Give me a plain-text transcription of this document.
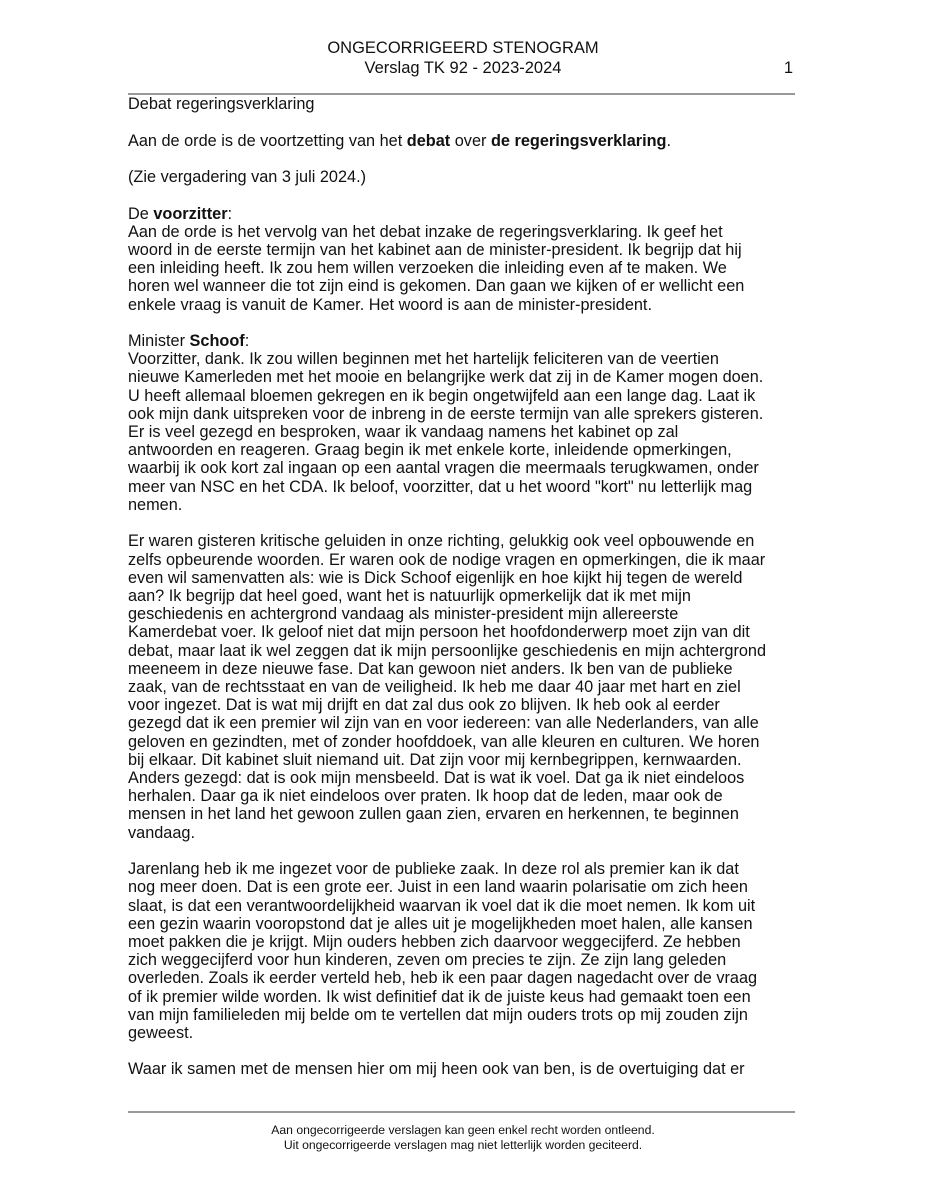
ONGECORRIGEERD STENOGRAM
Verslag TK 92 - 2023-2024	1

Debat regeringsverklaring

Aan de orde is de voortzetting van het debat over de regeringsverklaring.

(Zie vergadering van 3 juli 2024.)

De voorzitter:

Aan de orde is het vervolg van het debat inzake de regeringsverklaring. Ik geef het
woord in de eerste termijn van het kabinet aan de minister-president. Ik begrijp dat hij
een inleiding heeft. Ik zou hem willen verzoeken die inleiding even af te maken. We
horen wel wanneer die tot zijn eind is gekomen. Dan gaan we kijken of er wellicht een
enkele vraag is vanuit de Kamer. Het woord is aan de minister-president.

Minister Schoof:

Voorzitter, dank. Ik zou willen beginnen met het hartelijk feliciteren van de veertien
nieuwe Kamerleden met het mooie en belangrijke werk dat zij in de Kamer mogen doen.
U heeft allemaal bloemen gekregen en ik begin ongetwijfeld aan een lange dag. Laat ik
ook mijn dank uitspreken voor de inbreng in de eerste termijn van alle sprekers gisteren.
Er is veel gezegd en besproken, waar ik vandaag namens het kabinet op zal
antwoorden en reageren. Graag begin ik met enkele korte, inleidende opmerkingen,
waarbij ik ook kort zal ingaan op een aantal vragen die meermaals terugkwamen, onder
meer van NSC en het CDA. Ik beloof, voorzitter, dat u het woord "kort" nu letterlijk mag
nemen.
Er waren gisteren kritische geluiden in onze richting, gelukkig ook veel opbouwende en
zelfs opbeurende woorden. Er waren ook de nodige vragen en opmerkingen, die ik maar
even wil samenvatten als: wie is Dick Schoof eigenlijk en hoe kijkt hij tegen de wereld
aan? Ik begrijp dat heel goed, want het is natuurlijk opmerkelijk dat ik met mijn
geschiedenis en achtergrond vandaag als minister-president mijn allereerste
Kamerdebat voer. Ik geloof niet dat mijn persoon het hoofdonderwerp moet zijn van dit
debat, maar laat ik wel zeggen dat ik mijn persoonlijke geschiedenis en mijn achtergrond
meeneem in deze nieuwe fase. Dat kan gewoon niet anders. Ik ben van de publieke
zaak, van de rechtsstaat en van de veiligheid. Ik heb me daar 40 jaar met hart en ziel
voor ingezet. Dat is wat mij drijft en dat zal dus ook zo blijven. Ik heb ook al eerder
gezegd dat ik een premier wil zijn van en voor iedereen: van alle Nederlanders, van alle
geloven en gezindten, met of zonder hoofddoek, van alle kleuren en culturen. We horen
bij elkaar. Dit kabinet sluit niemand uit. Dat zijn voor mij kernbegrippen, kernwaarden.
Anders gezegd: dat is ook mijn mensbeeld. Dat is wat ik voel. Dat ga ik niet eindeloos
herhalen. Daar ga ik niet eindeloos over praten. Ik hoop dat de leden, maar ook de
mensen in het land het gewoon zullen gaan zien, ervaren en herkennen, te beginnen
vandaag.
Jarenlang heb ik me ingezet voor de publieke zaak. In deze rol als premier kan ik dat
nog meer doen. Dat is een grote eer. Juist in een land waarin polarisatie om zich heen
slaat, is dat een verantwoordelijkheid waarvan ik voel dat ik die moet nemen. Ik kom uit
een gezin waarin vooropstond dat je alles uit je mogelijkheden moet halen, alle kansen
moet pakken die je krijgt. Mijn ouders hebben zich daarvoor weggecijferd. Ze hebben
zich weggecijferd voor hun kinderen, zeven om precies te zijn. Ze zijn lang geleden
overleden. Zoals ik eerder verteld heb, heb ik een paar dagen nagedacht over de vraag
of ik premier wilde worden. Ik wist definitief dat ik de juiste keus had gemaakt toen een
van mijn familieleden mij belde om te vertellen dat mijn ouders trots op mij zouden zijn
geweest.
Waar ik samen met de mensen hier om mij heen ook van ben, is de overtuiging dat er
Aan ongecorrigeerde verslagen kan geen enkel recht worden ontleend.
Uit ongecorrigeerde verslagen mag niet letterlijk worden geciteerd.
